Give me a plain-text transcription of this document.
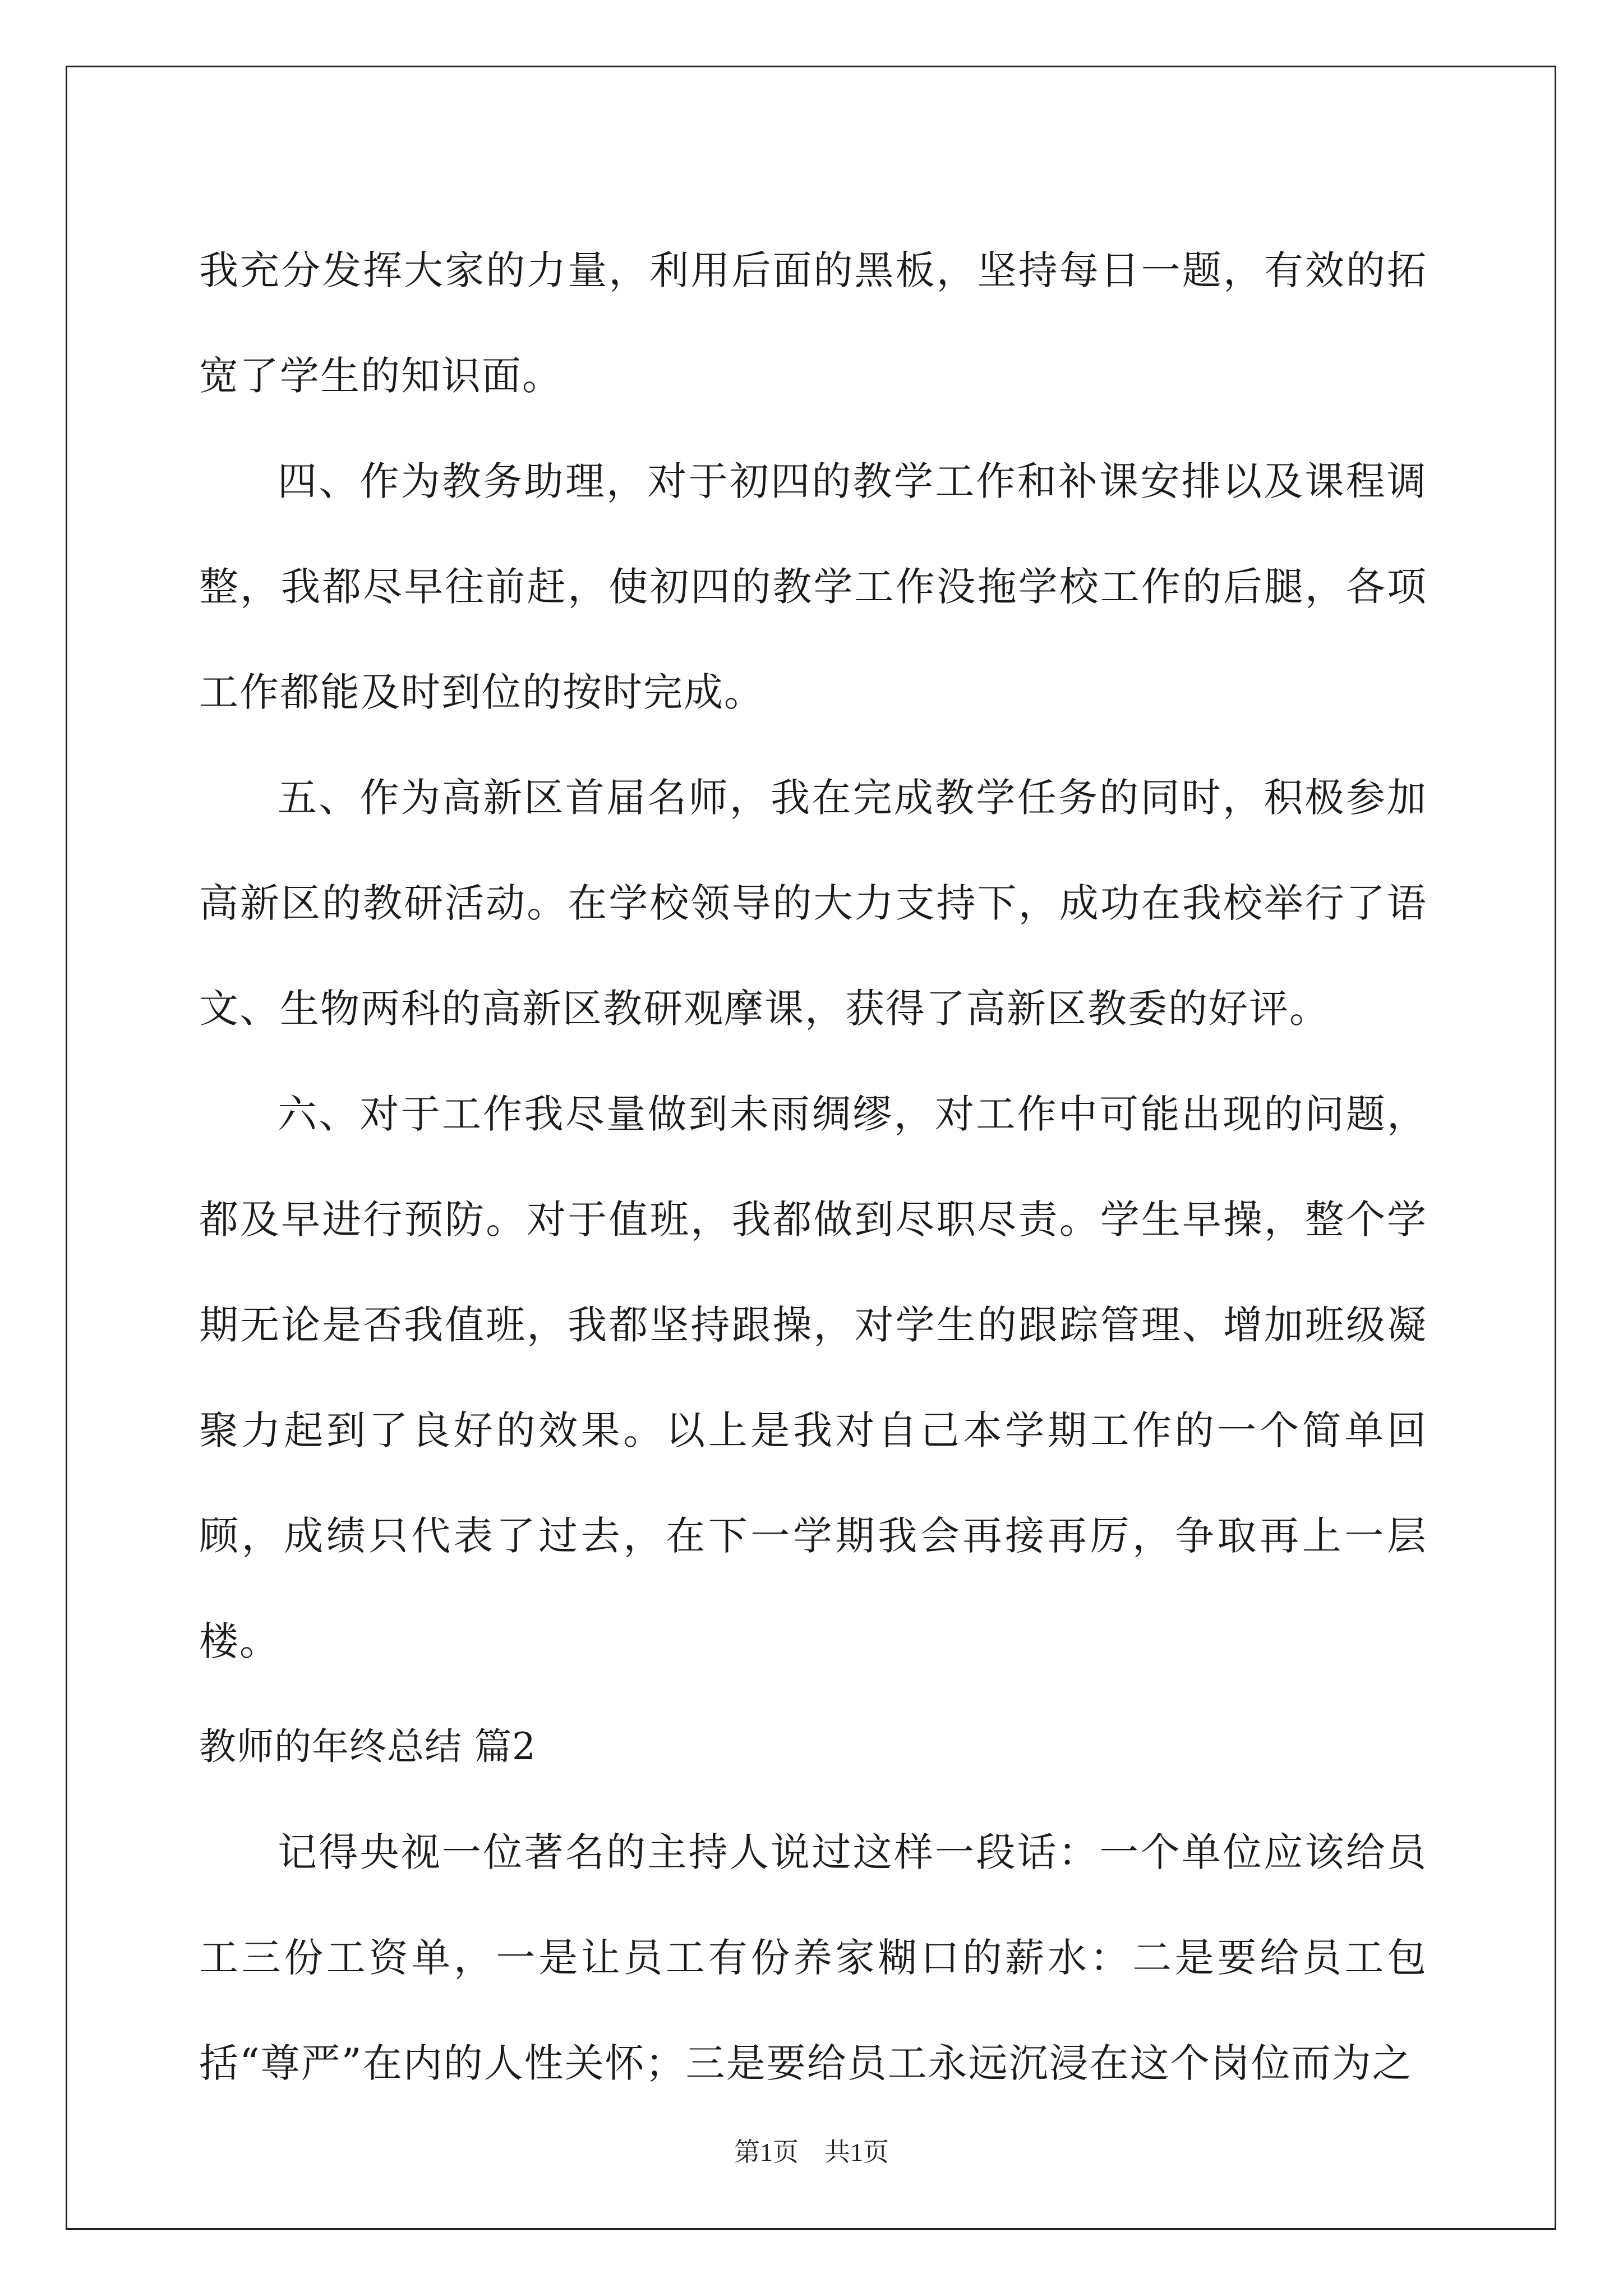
我充分发挥大家的力量，利用后面的黑板，坚持每日一题，有效的拓宽了学生的知识面。

四、作为教务助理，对于初四的教学工作和补课安排以及课程调整，我都尽早往前赶，使初四的教学工作没拖学校工作的后腿，各项工作都能及时到位的按时完成。

五、作为高新区首届名师，我在完成教学任务的同时，积极参加高新区的教研活动。在学校领导的大力支持下，成功在我校举行了语文、生物两科的高新区教研观摩课，获得了高新区教委的好评。

六、对于工作我尽量做到未雨绸缪，对工作中可能出现的问题，都及早进行预防。对于值班，我都做到尽职尽责。学生早操，整个学期无论是否我值班，我都坚持跟操，对学生的跟踪管理、增加班级凝聚力起到了良好的效果。以上是我对自己本学期工作的一个简单回顾，成绩只代表了过去，在下一学期我会再接再厉，争取再上一层楼。

教师的年终总结 篇2

记得央视一位著名的主持人说过这样一段话：一个单位应该给员工三份工资单，一是让员工有份养家糊口的薪水：二是要给员工包括“尊严”在内的人性关怀；三是要给员工永远沉浸在这个岗位而为之

第1页　共1页
